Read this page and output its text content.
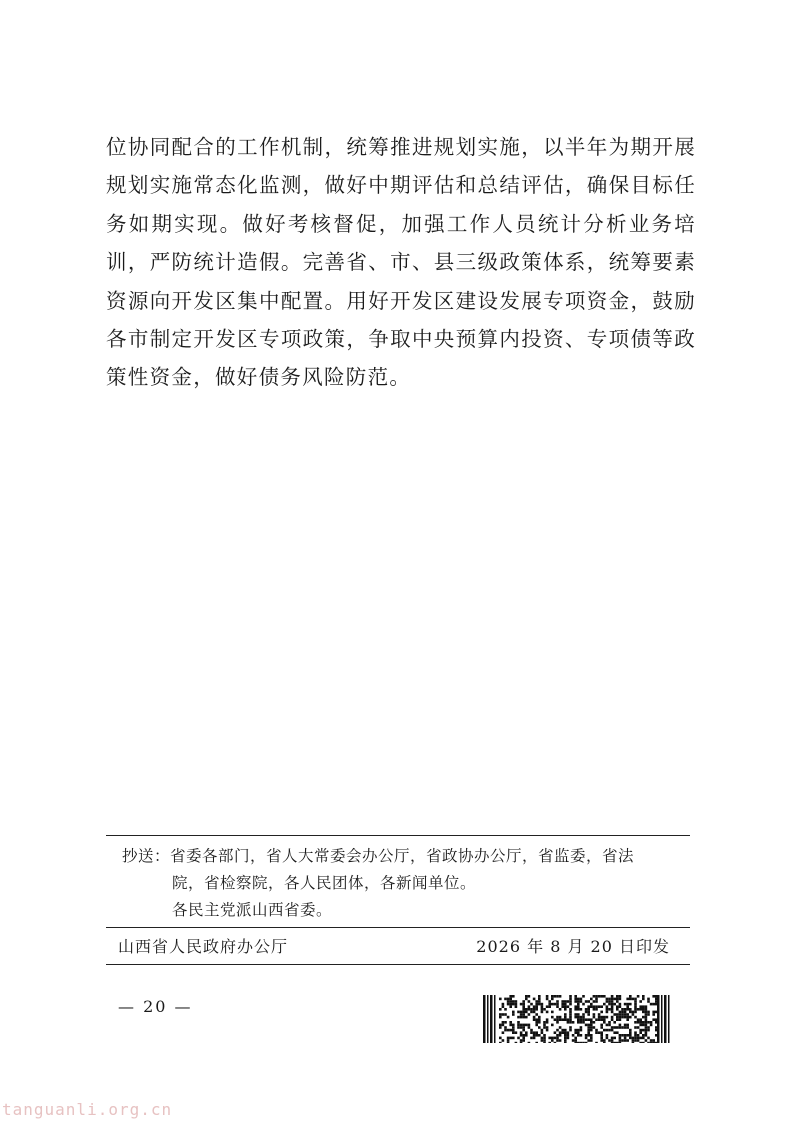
位协同配合的工作机制，统筹推进规划实施，以半年为期开展规划实施常态化监测，做好中期评估和总结评估，确保目标任务如期实现。做好考核督促，加强工作人员统计分析业务培训，严防统计造假。完善省、市、县三级政策体系，统筹要素资源向开发区集中配置。用好开发区建设发展专项资金，鼓励各市制定开发区专项政策，争取中央预算内投资、专项债等政策性资金，做好债务风险防范。

抄送：省委各部门，省人大常委会办公厅，省政协办公厅，省监委，省法
院，省检察院，各人民团体，各新闻单位。
各民主党派山西省委。
山西省人民政府办公厅	2026 年 8 月 20 日印发
— 20 —
tanguanli.org.cn
